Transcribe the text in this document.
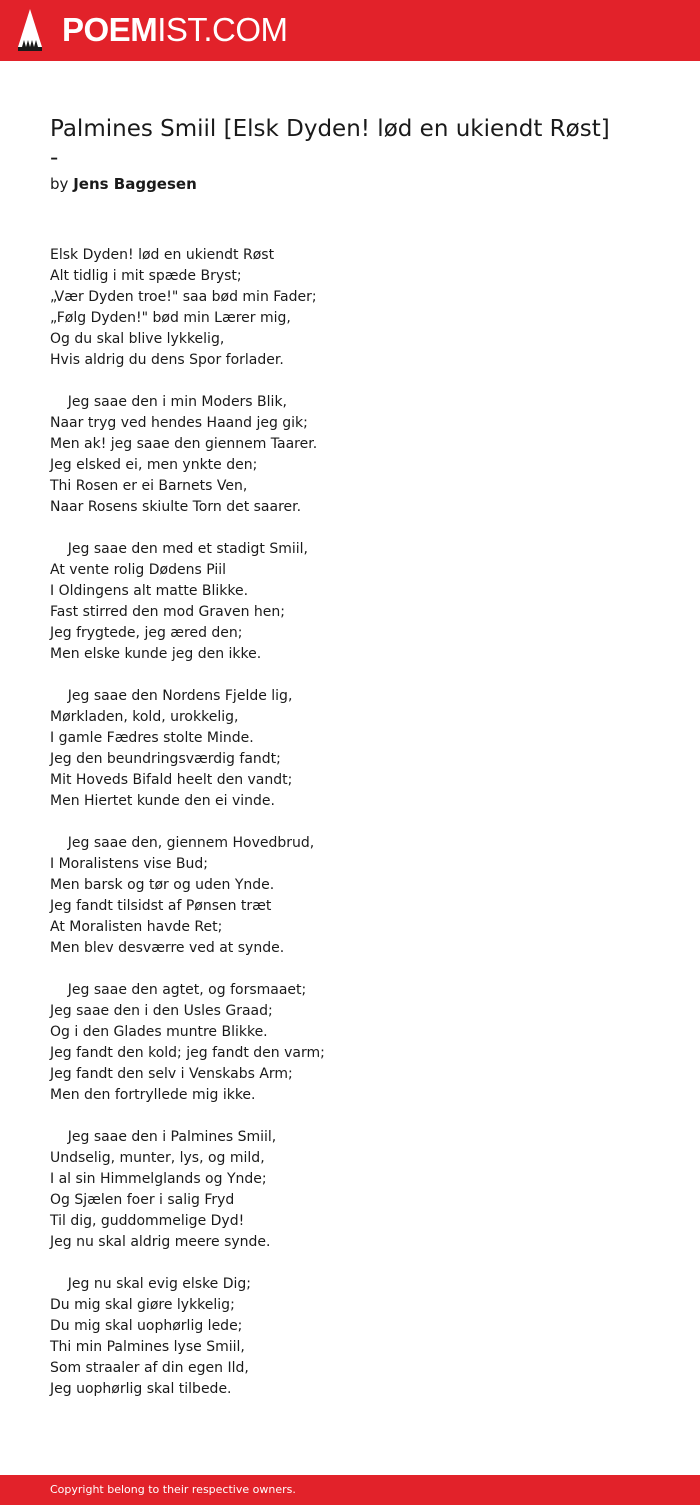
POEMIST.COM
Palmines Smiil [Elsk Dyden! lød en ukiendt Røst]
-
by Jens Baggesen
Elsk Dyden! lød en ukiendt Røst
Alt tidlig i mit spæde Bryst;
„Vær Dyden troe!" saa bød min Fader;
„Følg Dyden!" bød min Lærer mig,
Og du skal blive lykkelig,
Hvis aldrig du dens Spor forlader.
Jeg saae den i min Moders Blik,
Naar tryg ved hendes Haand jeg gik;
Men ak! jeg saae den giennem Taarer.
Jeg elsked ei, men ynkte den;
Thi Rosen er ei Barnets Ven,
Naar Rosens skiulte Torn det saarer.
Jeg saae den med et stadigt Smiil,
At vente rolig Dødens Piil
I Oldingens alt matte Blikke.
Fast stirred den mod Graven hen;
Jeg frygtede, jeg æred den;
Men elske kunde jeg den ikke.
Jeg saae den Nordens Fjelde lig,
Mørkladen, kold, urokkelig,
I gamle Fædres stolte Minde.
Jeg den beundringsværdig fandt;
Mit Hoveds Bifald heelt den vandt;
Men Hiertet kunde den ei vinde.
Jeg saae den, giennem Hovedbrud,
I Moralistens vise Bud;
Men barsk og tør og uden Ynde.
Jeg fandt tilsidst af Pønsen træt
At Moralisten havde Ret;
Men blev desværre ved at synde.
Jeg saae den agtet, og forsmaaet;
Jeg saae den i den Usles Graad;
Og i den Glades muntre Blikke.
Jeg fandt den kold; jeg fandt den varm;
Jeg fandt den selv i Venskabs Arm;
Men den fortryllede mig ikke.
Jeg saae den i Palmines Smiil,
Undselig, munter, lys, og mild,
I al sin Himmelglands og Ynde;
Og Sjælen foer i salig Fryd
Til dig, guddommelige Dyd!
Jeg nu skal aldrig meere synde.
Jeg nu skal evig elske Dig;
Du mig skal giøre lykkelig;
Du mig skal uophørlig lede;
Thi min Palmines lyse Smiil,
Som straaler af din egen Ild,
Jeg uophørlig skal tilbede.
Copyright belong to their respective owners.
